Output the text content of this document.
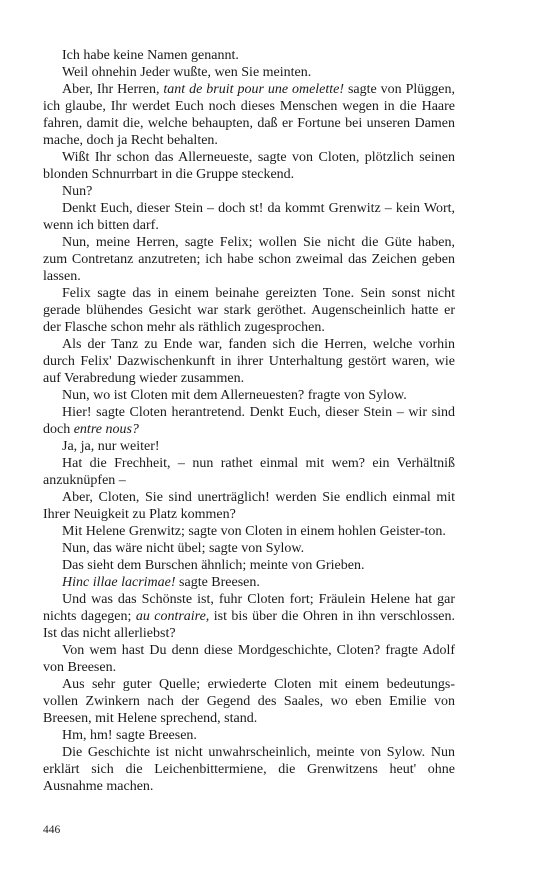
Ich habe keine Namen genannt.

Weil ohnehin Jeder wußte, wen Sie meinten.

Aber, Ihr Herren, tant de bruit pour une omelette! sagte von Plüggen, ich glaube, Ihr werdet Euch noch dieses Menschen wegen in die Haare fahren, damit die, welche behaupten, daß er Fortune bei unseren Damen mache, doch ja Recht behalten.

Wißt Ihr schon das Allerneueste, sagte von Cloten, plötzlich seinen blonden Schnurrbart in die Gruppe steckend.

Nun?

Denkt Euch, dieser Stein – doch st! da kommt Grenwitz – kein Wort, wenn ich bitten darf.

Nun, meine Herren, sagte Felix; wollen Sie nicht die Güte haben, zum Contretanz anzutreten; ich habe schon zweimal das Zeichen geben lassen.

Felix sagte das in einem beinahe gereizten Tone. Sein sonst nicht gerade blühendes Gesicht war stark geröthet. Augenscheinlich hatte er der Flasche schon mehr als räthlich zugesprochen.

Als der Tanz zu Ende war, fanden sich die Herren, welche vorhin durch Felix' Dazwischenkunft in ihrer Unterhaltung gestört waren, wie auf Verabredung wieder zusammen.

Nun, wo ist Cloten mit dem Allerneuesten? fragte von Sylow.

Hier! sagte Cloten herantretend. Denkt Euch, dieser Stein – wir sind doch entre nous?

Ja, ja, nur weiter!

Hat die Frechheit, – nun rathet einmal mit wem? ein Verhältniß anzuknüpfen –

Aber, Cloten, Sie sind unerträglich! werden Sie endlich einmal mit Ihrer Neuigkeit zu Platz kommen?

Mit Helene Grenwitz; sagte von Cloten in einem hohlen Geister-ton.

Nun, das wäre nicht übel; sagte von Sylow.

Das sieht dem Burschen ähnlich; meinte von Grieben.

Hinc illae lacrimae! sagte Breesen.

Und was das Schönste ist, fuhr Cloten fort; Fräulein Helene hat gar nichts dagegen; au contraire, ist bis über die Ohren in ihn verschlossen. Ist das nicht allerliebst?

Von wem hast Du denn diese Mordgeschichte, Cloten? fragte Adolf von Breesen.

Aus sehr guter Quelle; erwiederte Cloten mit einem bedeutungs-vollen Zwinkern nach der Gegend des Saales, wo eben Emilie von Breesen, mit Helene sprechend, stand.

Hm, hm! sagte Breesen.

Die Geschichte ist nicht unwahrscheinlich, meinte von Sylow. Nun erklärt sich die Leichenbittermiene, die Grenwitzens heut' ohne Ausnahme machen.

446
